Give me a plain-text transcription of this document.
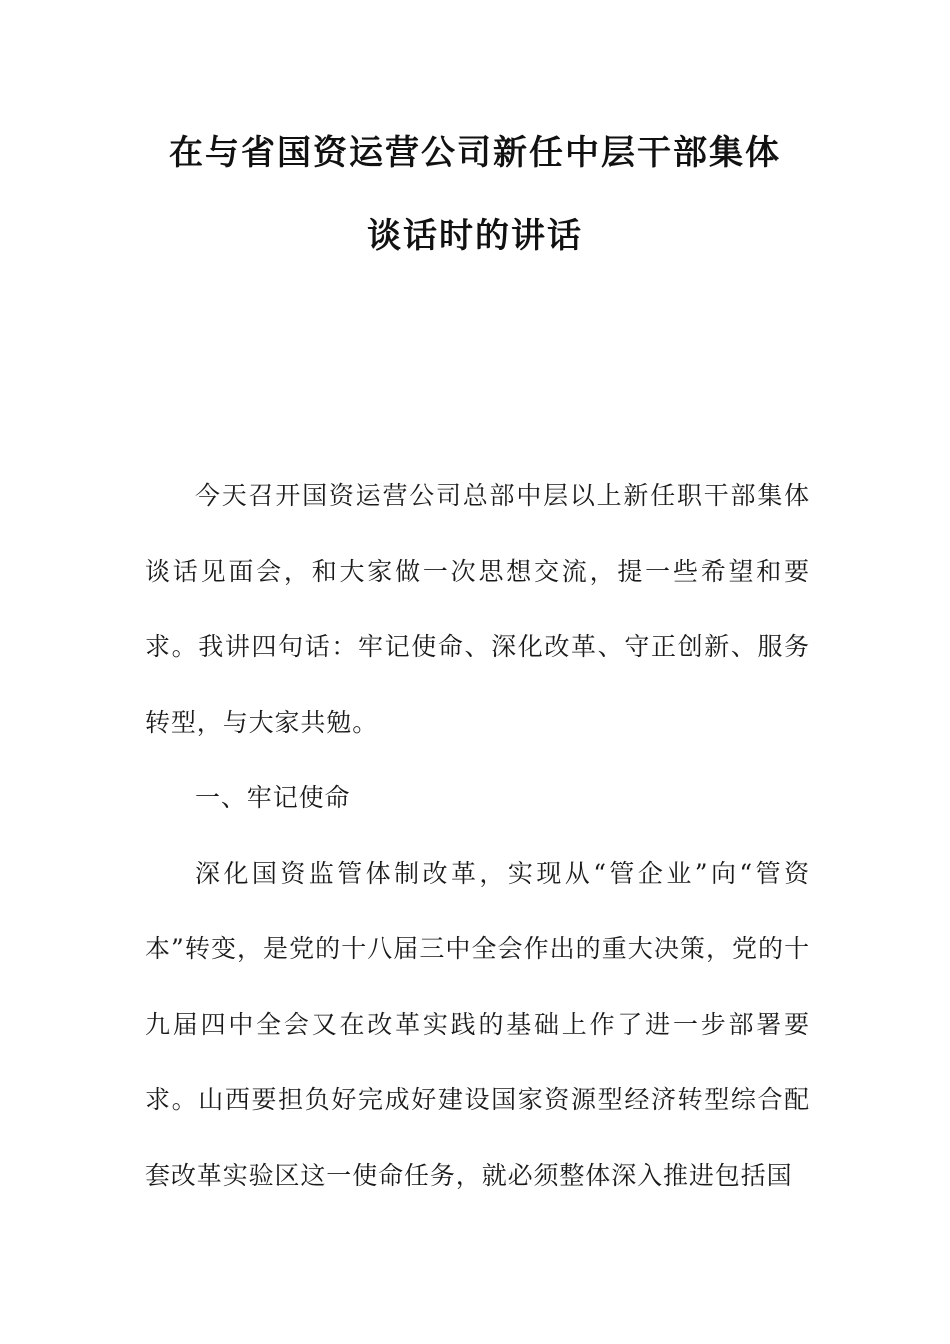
在与省国资运营公司新任中层干部集体
谈话时的讲话

今天召开国资运营公司总部中层以上新任职干部集体谈话见面会，和大家做一次思想交流，提一些希望和要求。我讲四句话：牢记使命、深化改革、守正创新、服务转型，与大家共勉。

一、牢记使命

深化国资监管体制改革，实现从“管企业”向“管资本”转变，是党的十八届三中全会作出的重大决策，党的十九届四中全会又在改革实践的基础上作了进一步部署要求。山西要担负好完成好建设国家资源型经济转型综合配套改革实验区这一使命任务，就必须整体深入推进包括国
